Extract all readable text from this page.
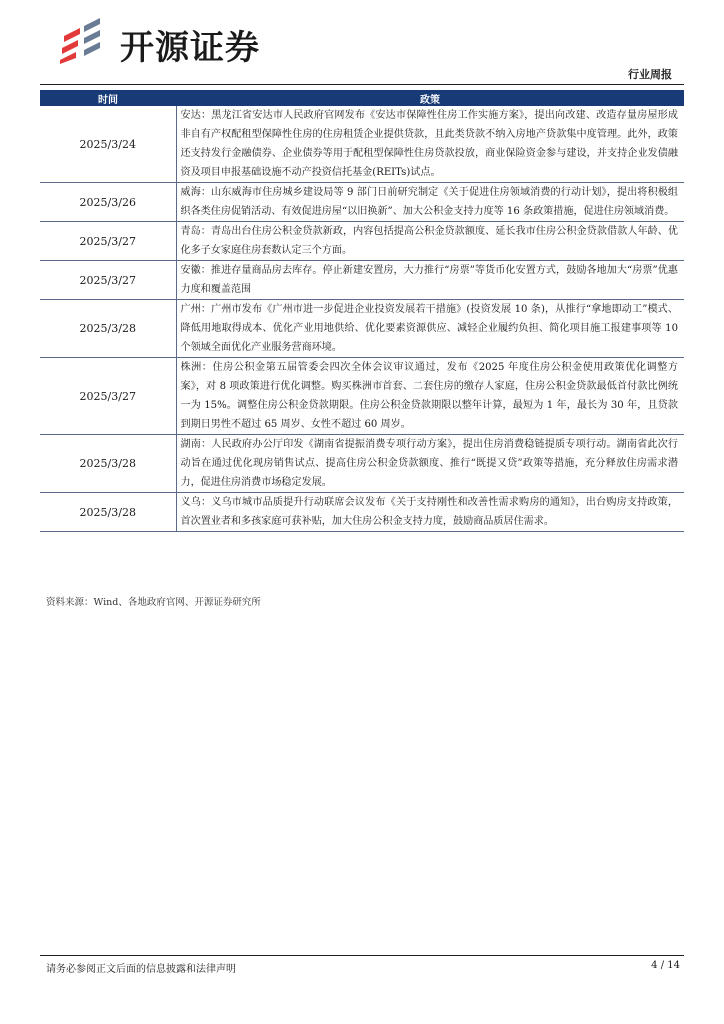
开源证券
行业周报
时间	政策
2025/3/24	安达：黑龙江省安达市人民政府官网发布《安达市保障性住房工作实施方案》，提出向改建、改造存量房屋形成非自有产权配租型保障性住房的住房租赁企业提供贷款，且此类贷款不纳入房地产贷款集中度管理。此外，政策还支持发行金融债券、企业债券等用于配租型保障性住房贷款投放，商业保险资金参与建设，并支持企业发债融资及项目申报基础设施不动产投资信托基金(REITs)试点。
2025/3/26	威海：山东威海市住房城乡建设局等 9 部门日前研究制定《关于促进住房领域消费的行动计划》，提出将积极组织各类住房促销活动、有效促进房屋“以旧换新”、加大公积金支持力度等 16 条政策措施，促进住房领域消费。
2025/3/27	青岛：青岛出台住房公积金贷款新政，内容包括提高公积金贷款额度、延长我市住房公积金贷款借款人年龄、优化多子女家庭住房套数认定三个方面。
2025/3/27	安徽：推进存量商品房去库存。停止新建安置房，大力推行“房票”等货币化安置方式，鼓励各地加大“房票”优惠力度和覆盖范围
2025/3/28	广州：广州市发布《广州市进一步促进企业投资发展若干措施》(投资发展 10 条)，从推行“拿地即动工”模式、降低用地取得成本、优化产业用地供给、优化要素资源供应、减轻企业履约负担、简化项目施工报建事项等 10 个领域全面优化产业服务营商环境。
2025/3/27	株洲：住房公积金第五届管委会四次全体会议审议通过，发布《2025 年度住房公积金使用政策优化调整方案》，对 8 项政策进行优化调整。购买株洲市首套、二套住房的缴存人家庭，住房公积金贷款最低首付款比例统一为 15%。调整住房公积金贷款期限。住房公积金贷款期限以整年计算，最短为 1 年，最长为 30 年，且贷款到期日男性不超过 65 周岁、女性不超过 60 周岁。
2025/3/28	湖南：人民政府办公厅印发《湖南省提振消费专项行动方案》，提出住房消费稳链提质专项行动。湖南省此次行动旨在通过优化现房销售试点、提高住房公积金贷款额度、推行“既提又贷”政策等措施，充分释放住房需求潜力，促进住房消费市场稳定发展。
2025/3/28	义乌：义乌市城市品质提升行动联席会议发布《关于支持刚性和改善性需求购房的通知》，出台购房支持政策，首次置业者和多孩家庭可获补贴，加大住房公积金支持力度，鼓励商品质居住需求。
资料来源：Wind、各地政府官网、开源证券研究所
请务必参阅正文后面的信息披露和法律声明	4 / 14
